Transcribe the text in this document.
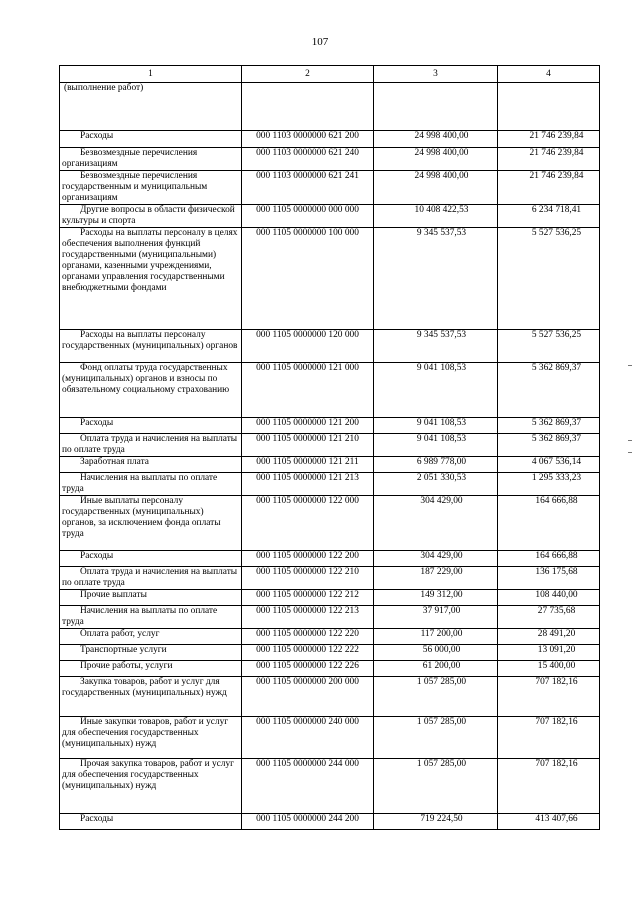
107
1	2	3	4
(выполнение работ)			
Расходы	000 1103 0000000 621 200	24 998 400,00	21 746 239,84
Безвозмездные перечисления организациям	000 1103 0000000 621 240	24 998 400,00	21 746 239,84
Безвозмездные перечисления государственным и муниципальным организациям	000 1103 0000000 621 241	24 998 400,00	21 746 239,84
Другие вопросы в области физической культуры и спорта	000 1105 0000000 000 000	10 408 422,53	6 234 718,41
Расходы на выплаты персоналу в целях обеспечения выполнения функций государственными (муниципальными) органами, казенными учреждениями, органами управления государственными внебюджетными фондами	000 1105 0000000 100 000	9 345 537,53	5 527 536,25
Расходы на выплаты персоналу государственных (муниципальных) органов	000 1105 0000000 120 000	9 345 537,53	5 527 536,25
Фонд оплаты труда государственных (муниципальных) органов и взносы по обязательному социальному страхованию	000 1105 0000000 121 000	9 041 108,53	5 362 869,37
Расходы	000 1105 0000000 121 200	9 041 108,53	5 362 869,37
Оплата труда и начисления на выплаты по оплате труда	000 1105 0000000 121 210	9 041 108,53	5 362 869,37
Заработная плата	000 1105 0000000 121 211	6 989 778,00	4 067 536,14
Начисления на выплаты по оплате труда	000 1105 0000000 121 213	2 051 330,53	1 295 333,23
Иные выплаты персоналу государственных (муниципальных) органов, за исключением фонда оплаты труда	000 1105 0000000 122 000	304 429,00	164 666,88
Расходы	000 1105 0000000 122 200	304 429,00	164 666,88
Оплата труда и начисления на выплаты по оплате труда	000 1105 0000000 122 210	187 229,00	136 175,68
Прочие выплаты	000 1105 0000000 122 212	149 312,00	108 440,00
Начисления на выплаты по оплате труда	000 1105 0000000 122 213	37 917,00	27 735,68
Оплата работ, услуг	000 1105 0000000 122 220	117 200,00	28 491,20
Транспортные услуги	000 1105 0000000 122 222	56 000,00	13 091,20
Прочие работы, услуги	000 1105 0000000 122 226	61 200,00	15 400,00
Закупка товаров, работ и услуг для государственных (муниципальных) нужд	000 1105 0000000 200 000	1 057 285,00	707 182,16
Иные закупки товаров, работ и услуг для обеспечения государственных (муниципальных) нужд	000 1105 0000000 240 000	1 057 285,00	707 182,16
Прочая закупка товаров, работ и услуг для обеспечения государственных (муниципальных) нужд	000 1105 0000000 244 000	1 057 285,00	707 182,16
Расходы	000 1105 0000000 244 200	719 224,50	413 407,66
